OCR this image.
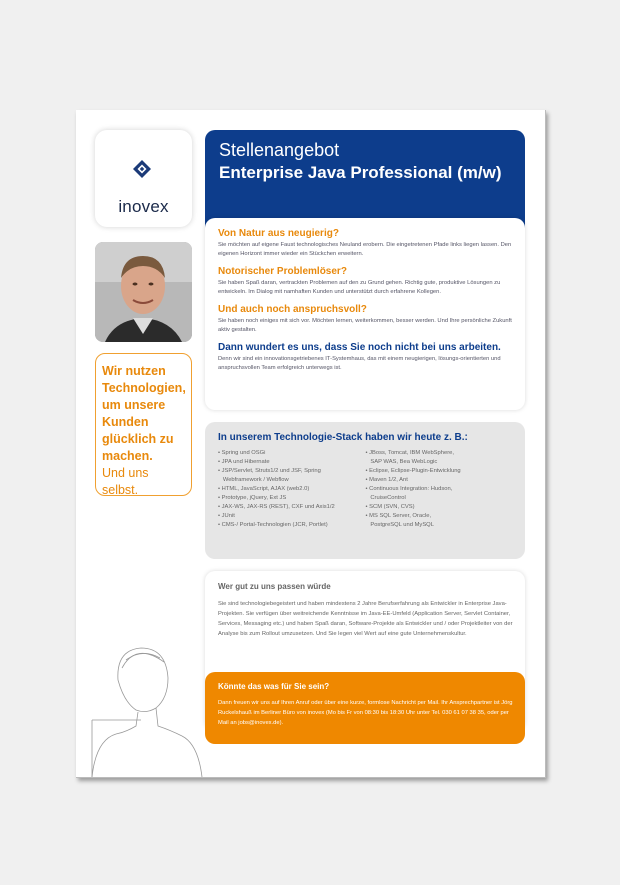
inovex
Wir nutzen Technologien, um unsere Kunden glücklich zu machen.
Und uns selbst.
Stellenangebot
Enterprise Java Professional (m/w)

Von Natur aus neugierig?

Sie möchten auf eigene Faust technologisches Neuland erobern. Die eingetretenen Pfade links liegen lassen. Den eigenen Horizont immer wieder ein Stückchen erweitern.

Notorischer Problemlöser?

Sie haben Spaß daran, vertrackten Problemen auf den zu Grund gehen. Richtig gute, produktive Lösungen zu entwickeln. Im Dialog mit namhaften Kunden und unterstützt durch erfahrene Kollegen.

Und auch noch anspruchsvoll?

Sie haben noch einiges mit sich vor. Möchten lernen, weiterkommen, besser werden. Und Ihre persönliche Zukunft aktiv gestalten.

Dann wundert es uns, dass Sie noch nicht bei uns arbeiten.

Denn wir sind ein innovationsgetriebenes IT-Systemhaus, das mit einem neugierigen, lösungs-orientierten und anspruchsvollen Team erfolgreich unterwegs ist.

In unserem Technologie-Stack haben wir heute z. B.:
• Spring und OSGi
• JPA und Hibernate
• JSP/Servlet, Struts1/2 und JSF, Spring
Webframework / Webflow
• HTML, JavaScript, AJAX (web2.0)
• Prototype, jQuery, Ext JS
• JAX-WS, JAX-RS (REST), CXF und Axis1/2
• JUnit
• CMS-/ Portal-Technologien (JCR, Portlet)
• JBoss, Tomcat, IBM WebSphere,
SAP WAS, Bea WebLogic
• Eclipse, Eclipse-Plugin-Entwicklung
• Maven 1/2, Ant
• Continuous Integration: Hudson,
CruiseControl
• SCM (SVN, CVS)
• MS SQL Server, Oracle,
PostgreSQL und MySQL
Wer gut zu uns passen würde
Sie sind technologiebegeistert und haben mindestens 2 Jahre Berufserfahrung als Entwickler in Enterprise Java-Projekten. Sie verfügen über weitreichende Kenntnisse im Java-EE-Umfeld (Application Server, Servlet Container, Services, Messaging etc.) und haben Spaß daran, Software-Projekte als Entwickler und / oder Projektleiter von der Analyse bis zum Rollout umzusetzen. Und Sie legen viel Wert auf eine gute Unternehmenskultur.
Könnte das was für Sie sein?
Dann freuen wir uns auf Ihren Anruf oder über eine kurze, formlose Nachricht per Mail. Ihr Ansprechpartner ist Jörg Ruckelshauß im Berliner Büro von inovex (Mo bis Fr von 08:30 bis 18:30 Uhr unter Tel. 030 61 07 38 35, oder per Mail an jobs@inovex.de).
